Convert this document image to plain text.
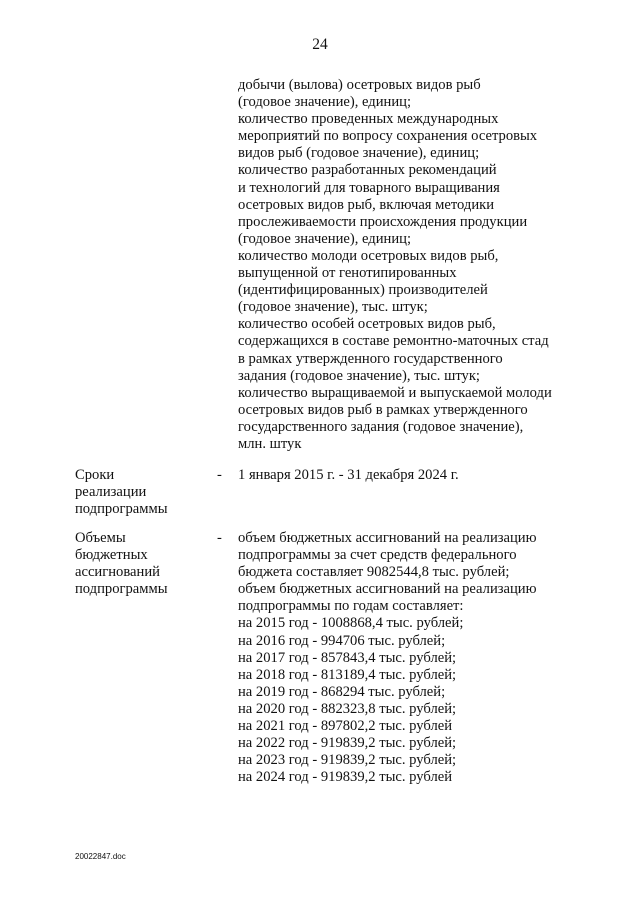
24
добычи (вылова) осетровых видов рыб
(годовое значение), единиц;
количество проведенных международных
мероприятий по вопросу сохранения осетровых
видов рыб (годовое значение), единиц;
количество разработанных рекомендаций
и технологий для товарного выращивания
осетровых видов рыб, включая методики
прослеживаемости происхождения продукции
(годовое значение), единиц;
количество молоди осетровых видов рыб,
выпущенной от генотипированных
(идентифицированных) производителей
(годовое значение), тыс. штук;
количество особей осетровых видов рыб,
содержащихся в составе ремонтно-маточных стад
в рамках утвержденного государственного
задания (годовое значение), тыс. штук;
количество выращиваемой и выпускаемой молоди
осетровых видов рыб в рамках утвержденного
государственного задания (годовое значение),
млн. штук
Сроки
реализации
подпрограммы
- 1 января 2015 г. - 31 декабря 2024 г.
Объемы
бюджетных
ассигнований
подпрограммы
- объем бюджетных ассигнований на реализацию
подпрограммы за счет средств федерального
бюджета составляет 9082544,8 тыс. рублей;
объем бюджетных ассигнований на реализацию
подпрограммы по годам составляет:
на 2015 год - 1008868,4 тыс. рублей;
на 2016 год - 994706 тыс. рублей;
на 2017 год - 857843,4 тыс. рублей;
на 2018 год - 813189,4 тыс. рублей;
на 2019 год - 868294 тыс. рублей;
на 2020 год - 882323,8 тыс. рублей;
на 2021 год - 897802,2 тыс. рублей
на 2022 год - 919839,2 тыс. рублей;
на 2023 год - 919839,2 тыс. рублей;
на 2024 год - 919839,2 тыс. рублей
20022847.doc
